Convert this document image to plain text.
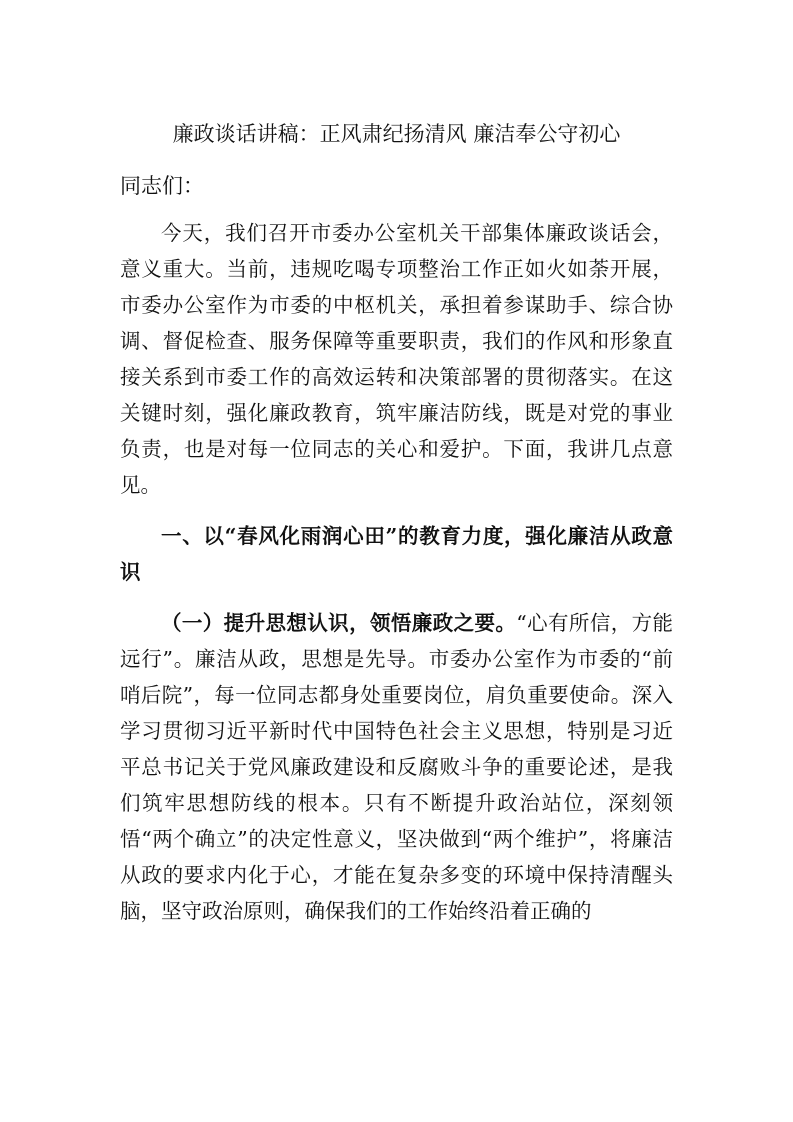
廉政谈话讲稿：正风肃纪扬清风 廉洁奉公守初心
同志们：

今天，我们召开市委办公室机关干部集体廉政谈话会，意义重大。当前，违规吃喝专项整治工作正如火如荼开展，市委办公室作为市委的中枢机关，承担着参谋助手、综合协调、督促检查、服务保障等重要职责，我们的作风和形象直接关系到市委工作的高效运转和决策部署的贯彻落实。在这关键时刻，强化廉政教育，筑牢廉洁防线，既是对党的事业负责，也是对每一位同志的关心和爱护。下面，我讲几点意见。

一、以“春风化雨润心田”的教育力度，强化廉洁从政意识

（一）提升思想认识，领悟廉政之要。“心有所信，方能远行”。廉洁从政，思想是先导。市委办公室作为市委的“前哨后院”，每一位同志都身处重要岗位，肩负重要使命。深入学习贯彻习近平新时代中国特色社会主义思想，特别是习近平总书记关于党风廉政建设和反腐败斗争的重要论述，是我们筑牢思想防线的根本。只有不断提升政治站位，深刻领悟“两个确立”的决定性意义，坚决做到“两个维护”，将廉洁从政的要求内化于心，才能在复杂多变的环境中保持清醒头脑，坚守政治原则，确保我们的工作始终沿着正确的
